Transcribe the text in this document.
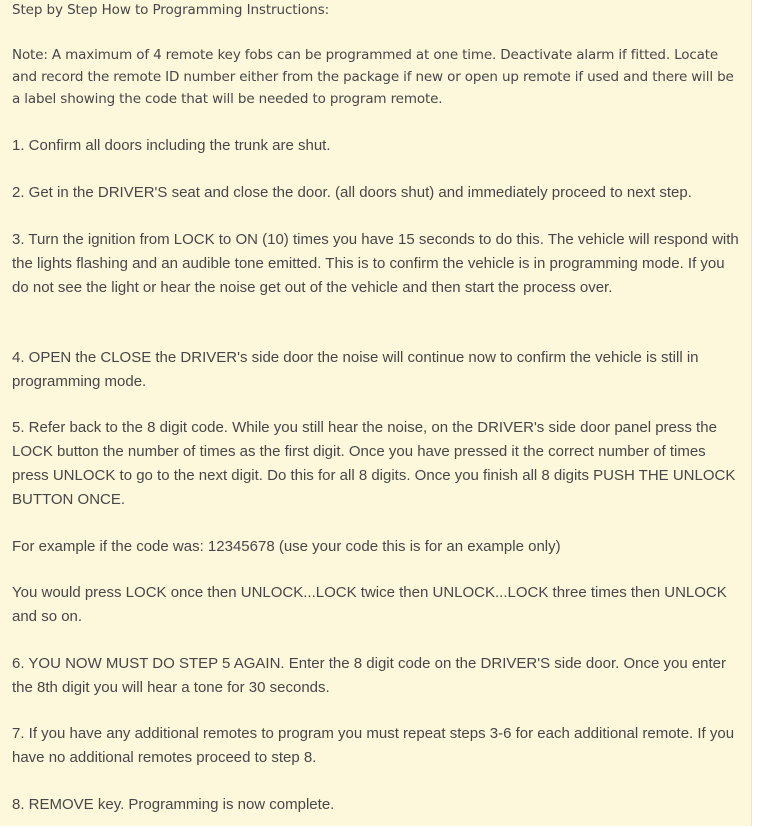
Step by Step How to Programming Instructions:
Note: A maximum of 4 remote key fobs can be programmed at one time. Deactivate alarm if fitted. Locate and record the remote ID number either from the package if new or open up remote if used and there will be a label showing the code that will be needed to program remote.
1. Confirm all doors including the trunk are shut.
2. Get in the DRIVER'S seat and close the door. (all doors shut) and immediately proceed to next step.
3. Turn the ignition from LOCK to ON (10) times you have 15 seconds to do this. The vehicle will respond with the lights flashing and an audible tone emitted. This is to confirm the vehicle is in programming mode. If you do not see the light or hear the noise get out of the vehicle and then start the process over.
4. OPEN the CLOSE the DRIVER's side door the noise will continue now to confirm the vehicle is still in programming mode.
5. Refer back to the 8 digit code. While you still hear the noise, on the DRIVER's side door panel press the LOCK button the number of times as the first digit. Once you have pressed it the correct number of times press UNLOCK to go to the next digit. Do this for all 8 digits. Once you finish all 8 digits PUSH THE UNLOCK BUTTON ONCE.
For example if the code was: 12345678 (use your code this is for an example only)
You would press LOCK once then UNLOCK...LOCK twice then UNLOCK...LOCK three times then UNLOCK and so on.
6. YOU NOW MUST DO STEP 5 AGAIN. Enter the 8 digit code on the DRIVER'S side door. Once you enter the 8th digit you will hear a tone for 30 seconds.
7. If you have any additional remotes to program you must repeat steps 3-6 for each additional remote. If you have no additional remotes proceed to step 8.
8. REMOVE key. Programming is now complete.
